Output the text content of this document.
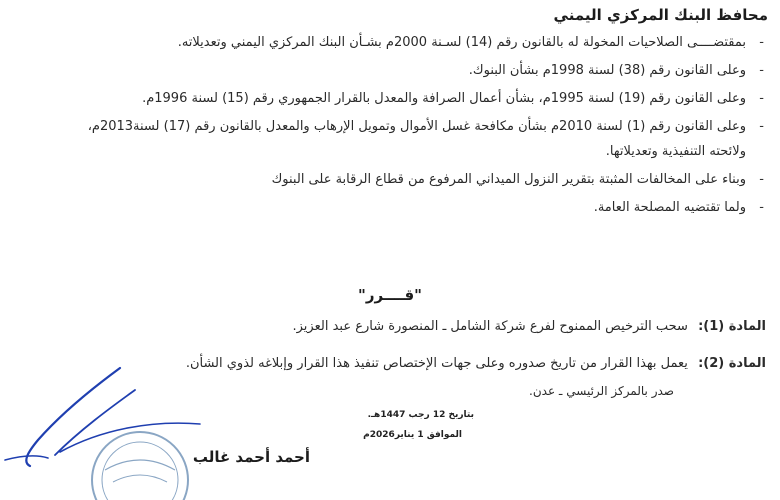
محافظ البنك المركزي اليمني
-
بمقتضــــى الصلاحيات المخولة له بالقانون رقم (14) لسـنة 2000م بشـأن البنك المركزي اليمني وتعديلاته.
-
وعلى القانون رقم (38) لسنة 1998م بشأن البنوك.
-
وعلى القانون رقم (19) لسنة 1995م، بشأن أعمال الصرافة والمعدل بالقرار الجمهوري رقم (15) لسنة 1996م.
-
وعلى القانون رقم (1) لسنة 2010م بشأن مكافحة غسل الأموال وتمويل الإرهاب والمعدل بالقانون رقم (17) لسنة2013م، ولائحته التنفيذية وتعديلاتها.
-
وبناء على المخالفات المثبتة بتقرير النزول الميداني المرفوع من قطاع الرقابة على البنوك
-
ولما تقتضيه المصلحة العامة.
"قــــرر"
المادة (1): سحب الترخيص الممنوح لفرع شركة الشامل ـ المنصورة شارع عبد العزيز.
المادة (2): يعمل بهذا القرار من تاريخ صدوره وعلى جهات الإختصاص تنفيذ هذا القرار وإبلاغه لذوي الشأن.
صدر بالمركز الرئيسي ـ عدن.
بتاريخ 12 رجب 1447هـ.
الموافق 1 يناير2026م
أحمد أحمد غالب
